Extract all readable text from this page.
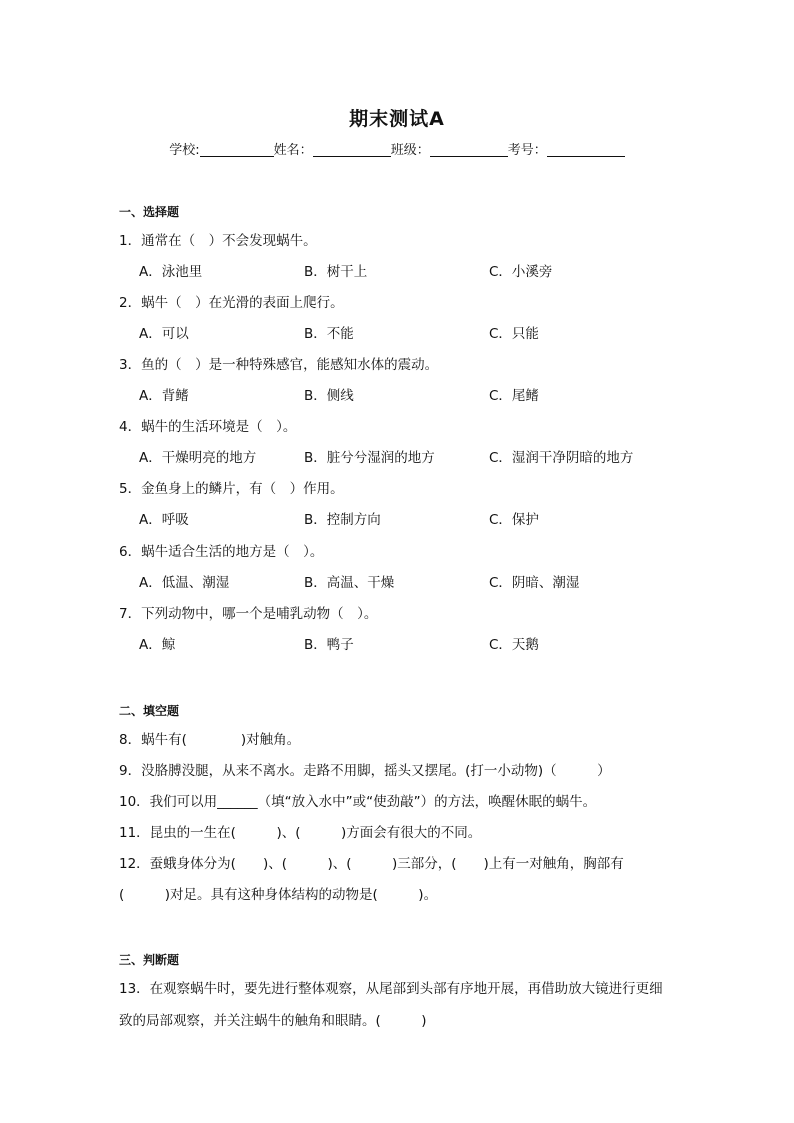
期末测试A
学校:	姓名：	班级：	考号：
一、选择题
1．通常在（　）不会发现蜗牛。
A．泳池里	B．树干上	C．小溪旁
2．蜗牛（　）在光滑的表面上爬行。
A．可以	B．不能	C．只能
3．鱼的（　）是一种特殊感官，能感知水体的震动。
A．背鳍	B．侧线	C．尾鳍
4．蜗牛的生活环境是（　）。
A．干燥明亮的地方	B．脏兮兮湿润的地方	C．湿润干净阴暗的地方
5．金鱼身上的鳞片，有（　）作用。
A．呼吸	B．控制方向	C．保护
6．蜗牛适合生活的地方是（　）。
A．低温、潮湿	B．高温、干燥	C．阴暗、潮湿
7．下列动物中，哪一个是哺乳动物（　）。
A．鲸	B．鸭子	C．天鹅
二、填空题
8．蜗牛有(　　　　)对触角。
9．没胳膊没腿，从来不离水。走路不用脚，摇头又摆尾。(打一小动物)（　　　）
10．我们可以用______（填“放入水中”或“使劲敲”）的方法，唤醒休眠的蜗牛。
11．昆虫的一生在(　　　)、(　　　)方面会有很大的不同。
12．蚕蛾身体分为(　　)、(　　　)、(　　　)三部分，(　　)上有一对触角，胸部有
(　　　)对足。具有这种身体结构的动物是(　　　)。
三、判断题
13．在观察蜗牛时，要先进行整体观察，从尾部到头部有序地开展，再借助放大镜进行更细
致的局部观察，并关注蜗牛的触角和眼睛。(　　　)
